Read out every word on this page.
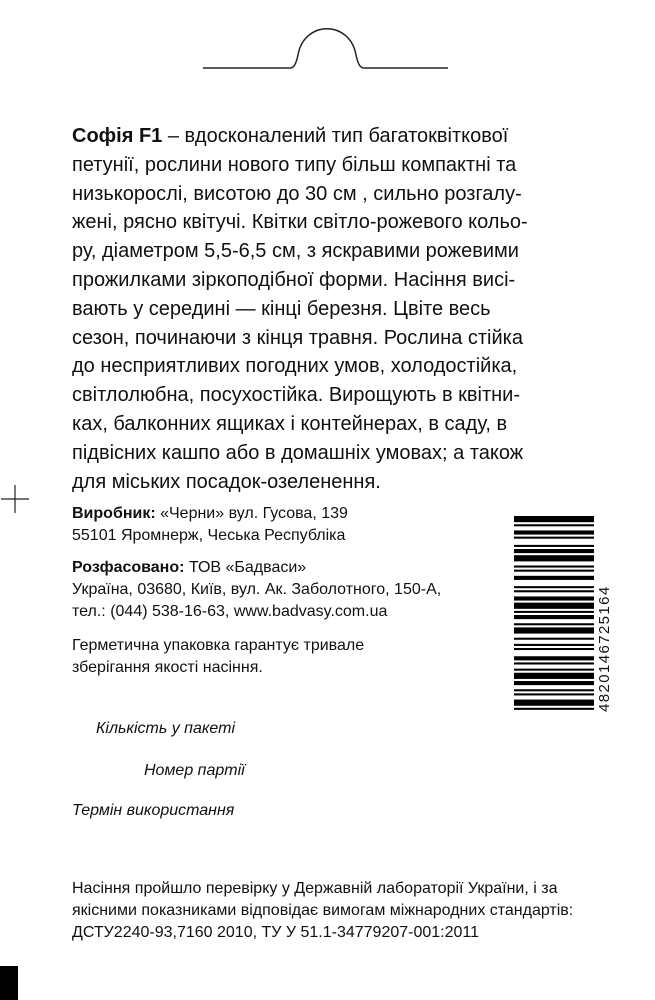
Софія F1 – вдосконалений тип багатоквіткової
петунії, рослини нового типу більш компактні та
низькорослі, висотою до 30 см , сильно розгалу-
жені, рясно квітучі. Квітки світло-рожевого кольо-
ру, діаметром 5,5-6,5 см, з яскравими рожевими
прожилками зіркоподібної форми. Насіння висі-
вають у середині — кінці березня. Цвіте весь
сезон, починаючи з кінця травня. Рослина стійка
до несприятливих погодних умов, холодостійка,
світлолюбна, посухостійка. Вирощують в квітни-
ках, балконних ящиках і контейнерах, в саду, в
підвісних кашпо або в домашніх умовах; а також
для міських посадок-озеленення.

Виробник: «Черни» вул. Гусова, 139
55101 Яромнерж, Чеська Республіка
Розфасовано: ТОВ «Бадваси»
Україна, 03680, Київ, вул. Ак. Заболотного, 150-А,
тел.: (044) 538-16-63, www.badvasy.com.ua
Герметична упаковка гарантує тривале
зберігання якості насіння.	4820146725164
Кількість у пакеті
Номер партії
Термін використання
Насіння пройшло перевірку у Державній лабораторії України, і за
якісними показниками відповідає вимогам міжнародних стандартів:
ДСТУ2240-93,7160 2010, ТУ У 51.1-34779207-001:2011
